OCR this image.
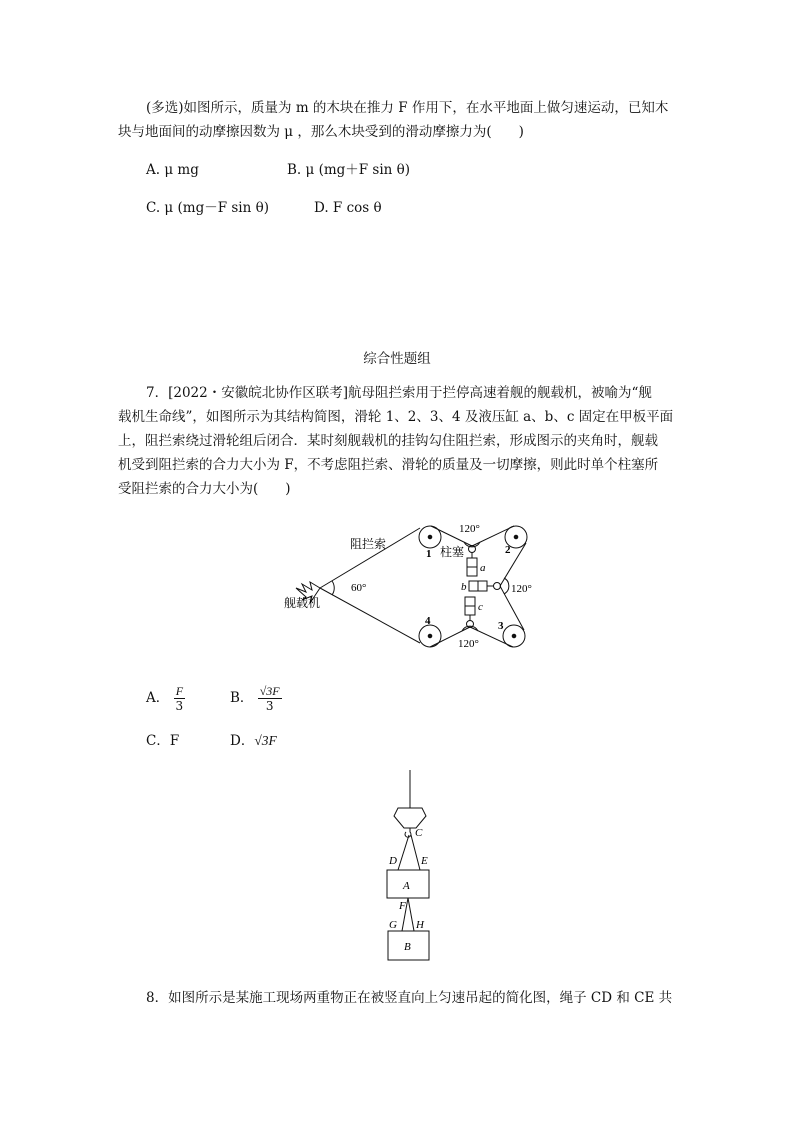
(多选)如图所示，质量为 m 的木块在推力 F 作用下，在水平地面上做匀速运动，已知木
块与地面间的动摩擦因数为 μ ，那么木块受到的滑动摩擦力为(　　)
A. μ mg	B. μ (mg＋F sin θ)
C. μ (mg－F sin θ)	D. F cos θ
综合性题组
7．[2022・安徽皖北协作区联考]航母阻拦索用于拦停高速着舰的舰载机，被喻为“舰
载机生命线”，如图所示为其结构简图，滑轮 1、2、3、4 及液压缸 a、b、c 固定在甲板平面
上，阻拦索绕过滑轮组后闭合．某时刻舰载机的挂钩勾住阻拦索，形成图示的夹角时，舰载
机受到阻拦索的合力大小为 F，不考虑阻拦索、滑轮的质量及一切摩擦，则此时单个柱塞所
受阻拦索的合力大小为(　　)
阻拦索
舰载机
柱塞
60°
120°
120°
120°
1	2
3
4
a
b
c
A． $\frac{F}{3}$	B． $\frac{√3F}{3}$
C．F	D．√3F
C
D E
A
F
G H
B
8．如图所示是某施工现场两重物正在被竖直向上匀速吊起的简化图，绳子 CD 和 CE 共
